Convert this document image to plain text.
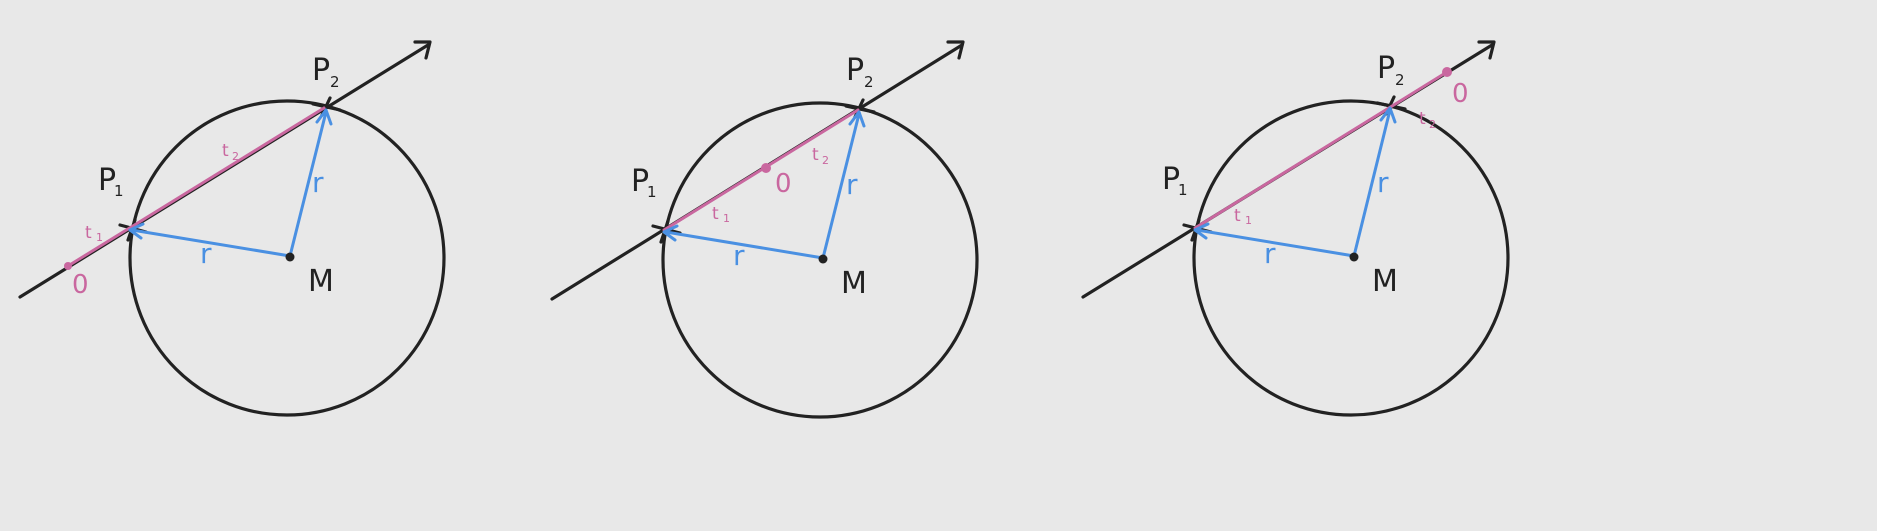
P 2
P
1
M
r
r
0
t 1
t 2
P 2
P
1
M
r
r
0
t 1
t 2
P 2
P
1
M
r
r
0
t 1
t 2
